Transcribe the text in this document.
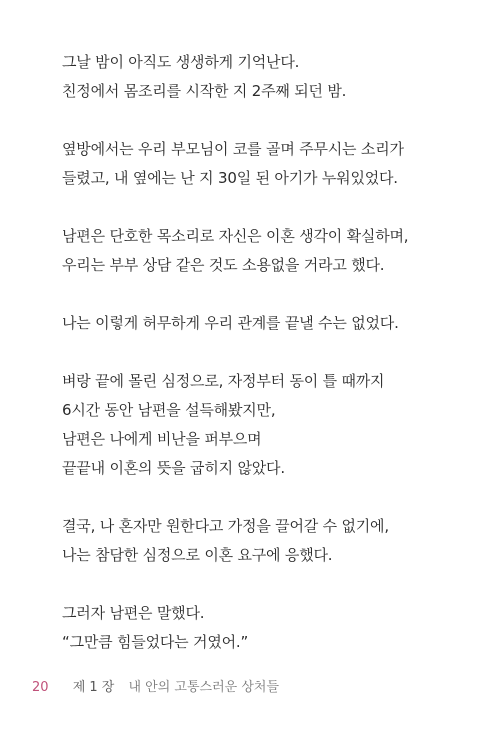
그날 밤이 아직도 생생하게 기억난다.
친정에서 몸조리를 시작한 지 2주째 되던 밤.
옆방에서는 우리 부모님이 코를 골며 주무시는 소리가
들렸고, 내 옆에는 난 지 30일 된 아기가 누워있었다.
남편은 단호한 목소리로 자신은 이혼 생각이 확실하며,
우리는 부부 상담 같은 것도 소용없을 거라고 했다.
나는 이렇게 허무하게 우리 관계를 끝낼 수는 없었다.
벼랑 끝에 몰린 심정으로, 자정부터 동이 틀 때까지
6시간 동안 남편을 설득해봤지만,
남편은 나에게 비난을 퍼부으며
끝끝내 이혼의 뜻을 굽히지 않았다.
결국, 나 혼자만 원한다고 가정을 끌어갈 수 없기에,
나는 참담한 심정으로 이혼 요구에 응했다.
그러자 남편은 말했다.
“그만큼 힘들었다는 거였어.”
20 제 1 장 내 안의 고통스러운 상처들
